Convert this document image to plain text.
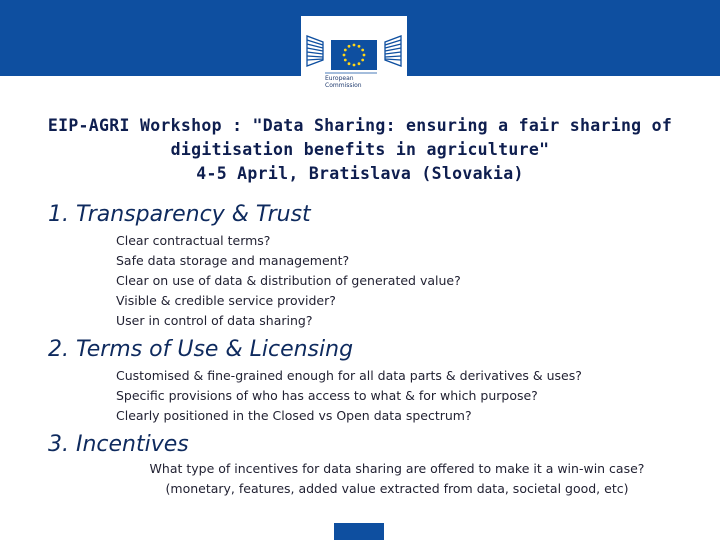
European
Commission
EIP-AGRI Workshop : "Data Sharing: ensuring a fair sharing of
digitisation benefits in agriculture"
4-5 April, Bratislava (Slovakia)
1. Transparency & Trust
Clear contractual terms?
Safe data storage and management?
Clear on use of data & distribution of generated value?
Visible & credible service provider?
User in control of data sharing?
2. Terms of Use & Licensing
Customised & fine-grained enough for all data parts & derivatives & uses?
Specific provisions of who has access to what & for which purpose?
Clearly positioned in the Closed vs Open data spectrum?
3. Incentives
What type of incentives for data sharing are offered to make it a win-win case?
(monetary, features, added value extracted from data, societal good, etc)
